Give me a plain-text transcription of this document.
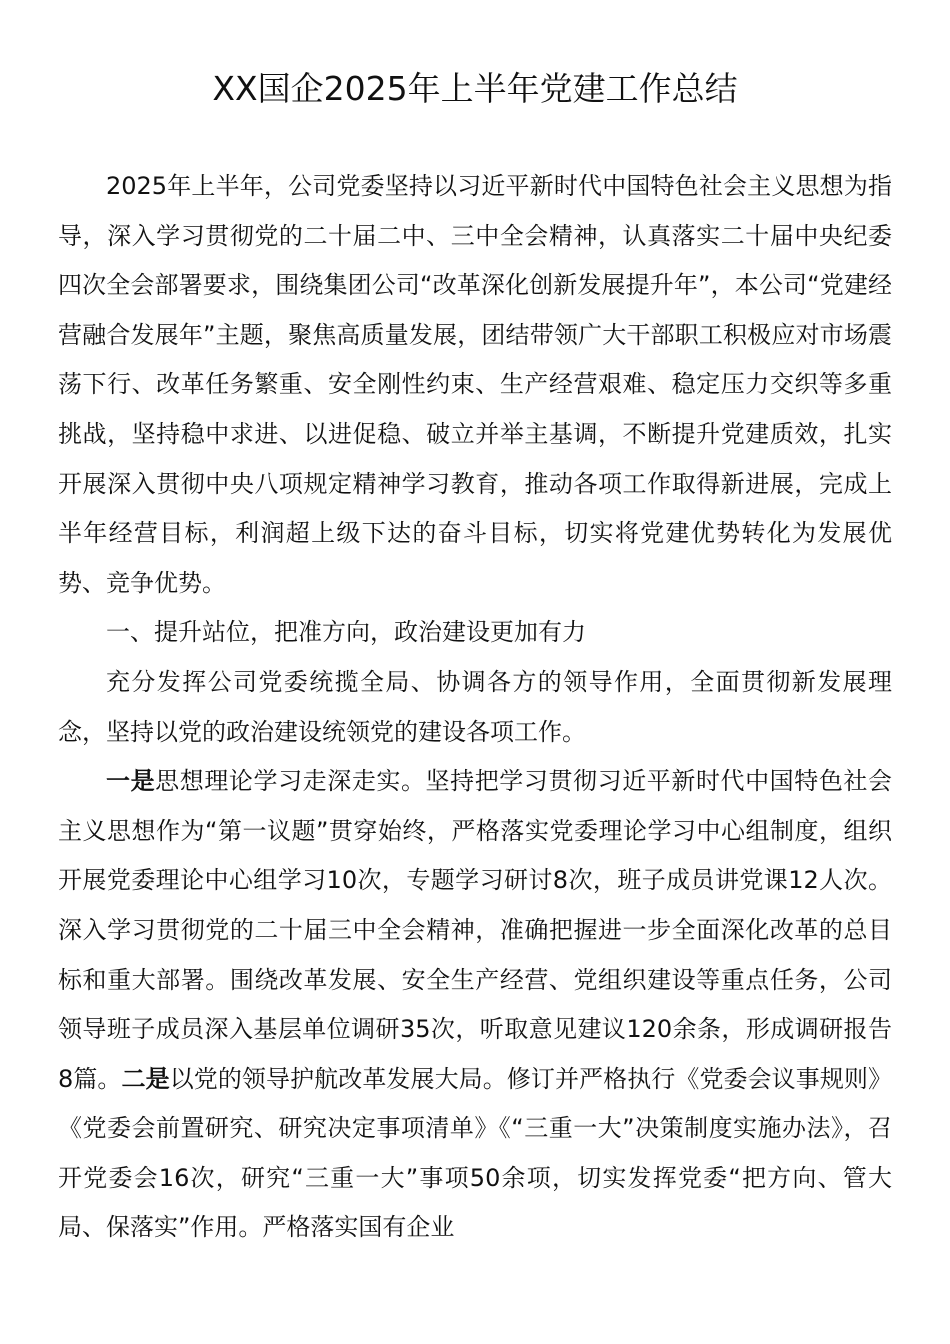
XX国企2025年上半年党建工作总结

2025年上半年，公司党委坚持以习近平新时代中国特色社会主义思想为指导，深入学习贯彻党的二十届二中、三中全会精神，认真落实二十届中央纪委四次全会部署要求，围绕集团公司“改革深化创新发展提升年”，本公司“党建经营融合发展年”主题，聚焦高质量发展，团结带领广大干部职工积极应对市场震荡下行、改革任务繁重、安全刚性约束、生产经营艰难、稳定压力交织等多重挑战，坚持稳中求进、以进促稳、破立并举主基调，不断提升党建质效，扎实开展深入贯彻中央八项规定精神学习教育，推动各项工作取得新进展，完成上半年经营目标，利润超上级下达的奋斗目标，切实将党建优势转化为发展优势、竞争优势。

一、提升站位，把准方向，政治建设更加有力

充分发挥公司党委统揽全局、协调各方的领导作用，全面贯彻新发展理念，坚持以党的政治建设统领党的建设各项工作。

一是思想理论学习走深走实。坚持把学习贯彻习近平新时代中国特色社会主义思想作为“第一议题”贯穿始终，严格落实党委理论学习中心组制度，组织开展党委理论中心组学习10次，专题学习研讨8次，班子成员讲党课12人次。深入学习贯彻党的二十届三中全会精神，准确把握进一步全面深化改革的总目标和重大部署。围绕改革发展、安全生产经营、党组织建设等重点任务，公司领导班子成员深入基层单位调研35次，听取意见建议120余条，形成调研报告8篇。二是以党的领导护航改革发展大局。修订并严格执行《党委会议事规则》《党委会前置研究、研究决定事项清单》《“三重一大”决策制度实施办法》，召开党委会16次，研究“三重一大”事项50余项，切实发挥党委“把方向、管大局、保落实”作用。严格落实国有企业
